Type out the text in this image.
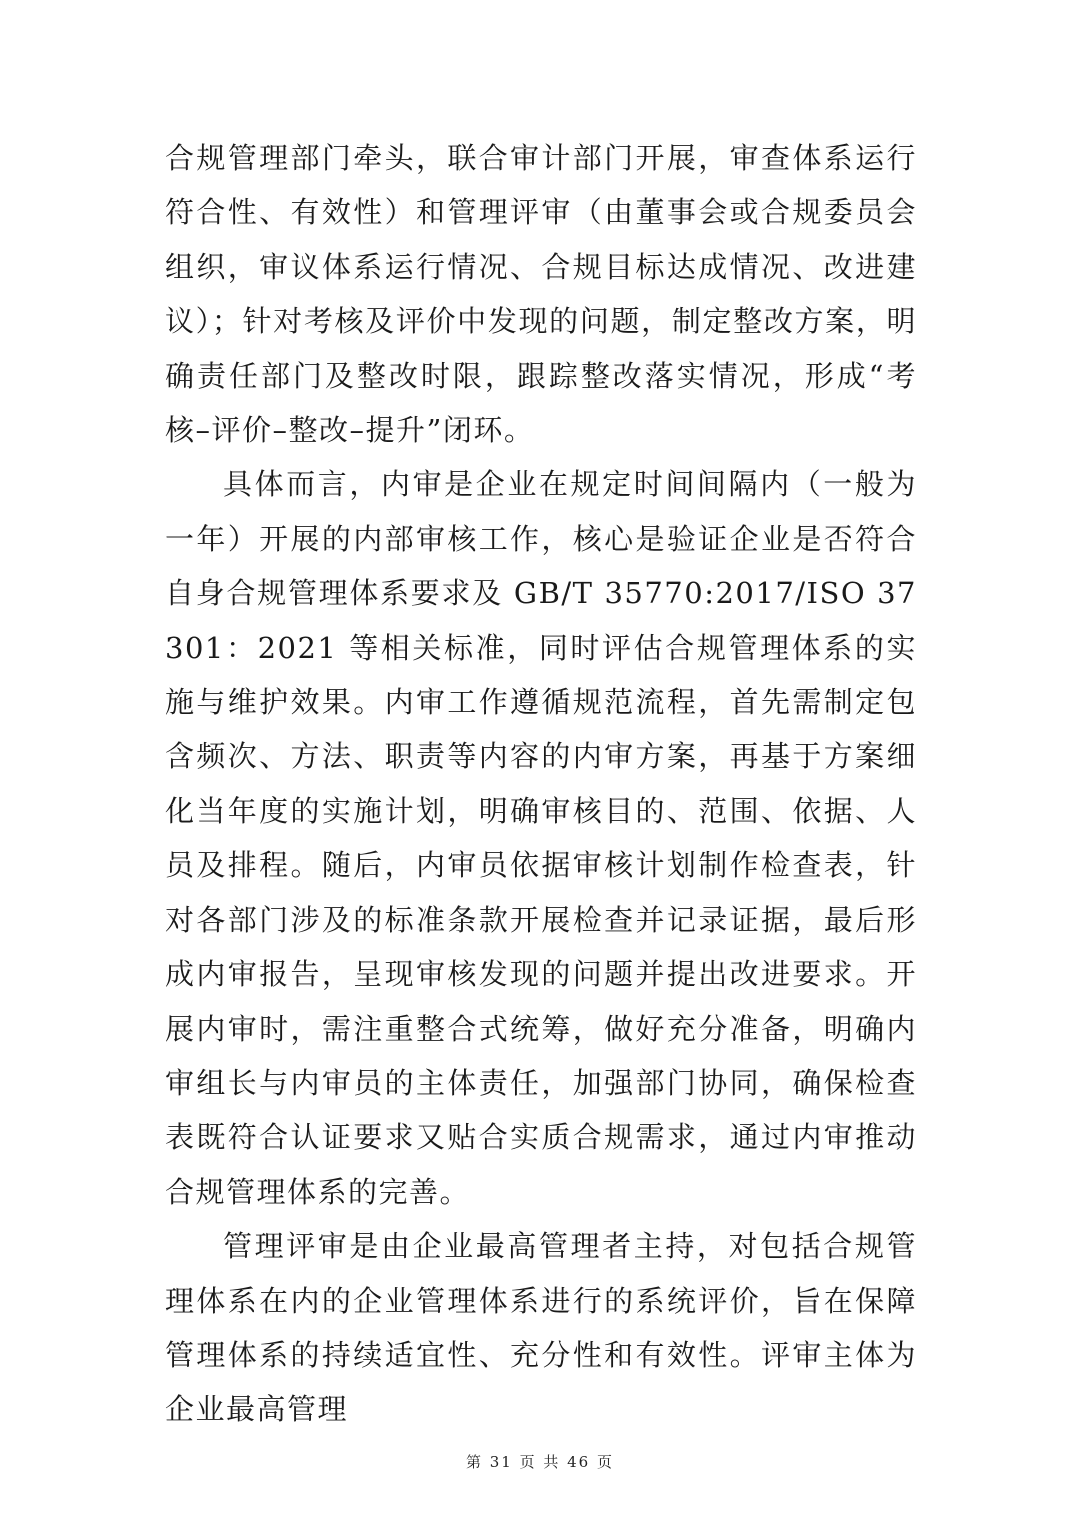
合规管理部门牵头，联合审计部门开展，审查体系运行符合性、有效性）和管理评审（由董事会或合规委员会组织，审议体系运行情况、合规目标达成情况、改进建议）；针对考核及评价中发现的问题，制定整改方案，明确责任部门及整改时限，跟踪整改落实情况，形成“考核–评价–整改–提升”闭环。

具体而言，内审是企业在规定时间间隔内（一般为一年）开展的内部审核工作，核心是验证企业是否符合自身合规管理体系要求及 GB/T 35770:2017/ISO 37301：2021 等相关标准，同时评估合规管理体系的实施与维护效果。内审工作遵循规范流程，首先需制定包含频次、方法、职责等内容的内审方案，再基于方案细化当年度的实施计划，明确审核目的、范围、依据、人员及排程。随后，内审员依据审核计划制作检查表，针对各部门涉及的标准条款开展检查并记录证据，最后形成内审报告，呈现审核发现的问题并提出改进要求。开展内审时，需注重整合式统筹，做好充分准备，明确内审组长与内审员的主体责任，加强部门协同，确保检查表既符合认证要求又贴合实质合规需求，通过内审推动合规管理体系的完善。

管理评审是由企业最高管理者主持，对包括合规管理体系在内的企业管理体系进行的系统评价，旨在保障管理体系的持续适宜性、充分性和有效性。评审主体为企业最高管理

第 31 页 共 46 页
